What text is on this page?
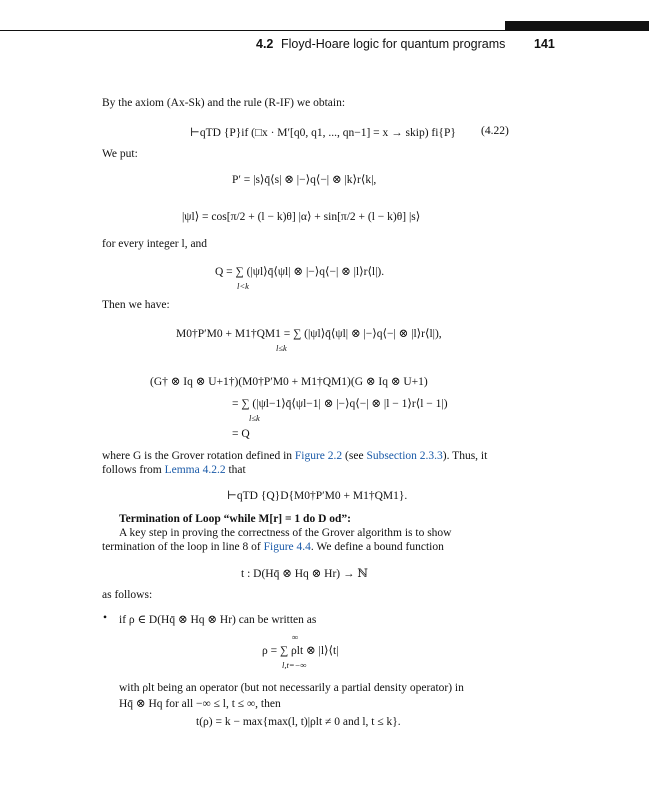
4.2 Floyd-Hoare logic for quantum programs 141
By the axiom (Ax-Sk) and the rule (R-IF) we obtain:
⊢qTD {P}if (□x · M′[q0, q1, ..., qn−1] = x → skip) fi{P} (4.22)
We put:
P′ = |s⟩q̄⟨s| ⊗ |−⟩q⟨−| ⊗ |k⟩r⟨k|,
|ψl⟩ = cos[π/2 + (l − k)θ] |α⟩ + sin[π/2 + (l − k)θ] |s⟩
for every integer l, and
Q = ∑ (|ψl⟩q̄⟨ψl| ⊗ |−⟩q⟨−| ⊗ |l⟩r⟨l|).
l<k
Then we have:
M0†P′M0 + M1†QM1 = ∑ (|ψl⟩q̄⟨ψl| ⊗ |−⟩q⟨−| ⊗ |l⟩r⟨l|),
l≤k
(G† ⊗ Iq ⊗ U+1†)(M0†P′M0 + M1†QM1)(G ⊗ Iq ⊗ U+1)
= ∑ (|ψl−1⟩q̄⟨ψl−1| ⊗ |−⟩q⟨−| ⊗ |l − 1⟩r⟨l − 1|)
l≤k
= Q
where G is the Grover rotation defined in Figure 2.2 (see Subsection 2.3.3). Thus, it
follows from Lemma 4.2.2 that
⊢qTD {Q}D{M0†P′M0 + M1†QM1}.
Termination of Loop “while M[r] = 1 do D od”:
A key step in proving the correctness of the Grover algorithm is to show
termination of the loop in line 8 of Figure 4.4. We define a bound function
t : D(Hq̄ ⊗ Hq ⊗ Hr) → ℕ
as follows:
• if ρ ∈ D(Hq̄ ⊗ Hq ⊗ Hr) can be written as
∞
ρ = ∑ ρlt ⊗ |l⟩⟨t|
l,t=−∞
with ρlt being an operator (but not necessarily a partial density operator) in
Hq̄ ⊗ Hq for all −∞ ≤ l, t ≤ ∞, then
t(ρ) = k − max{max(l, t)|ρlt ≠ 0 and l, t ≤ k}.
